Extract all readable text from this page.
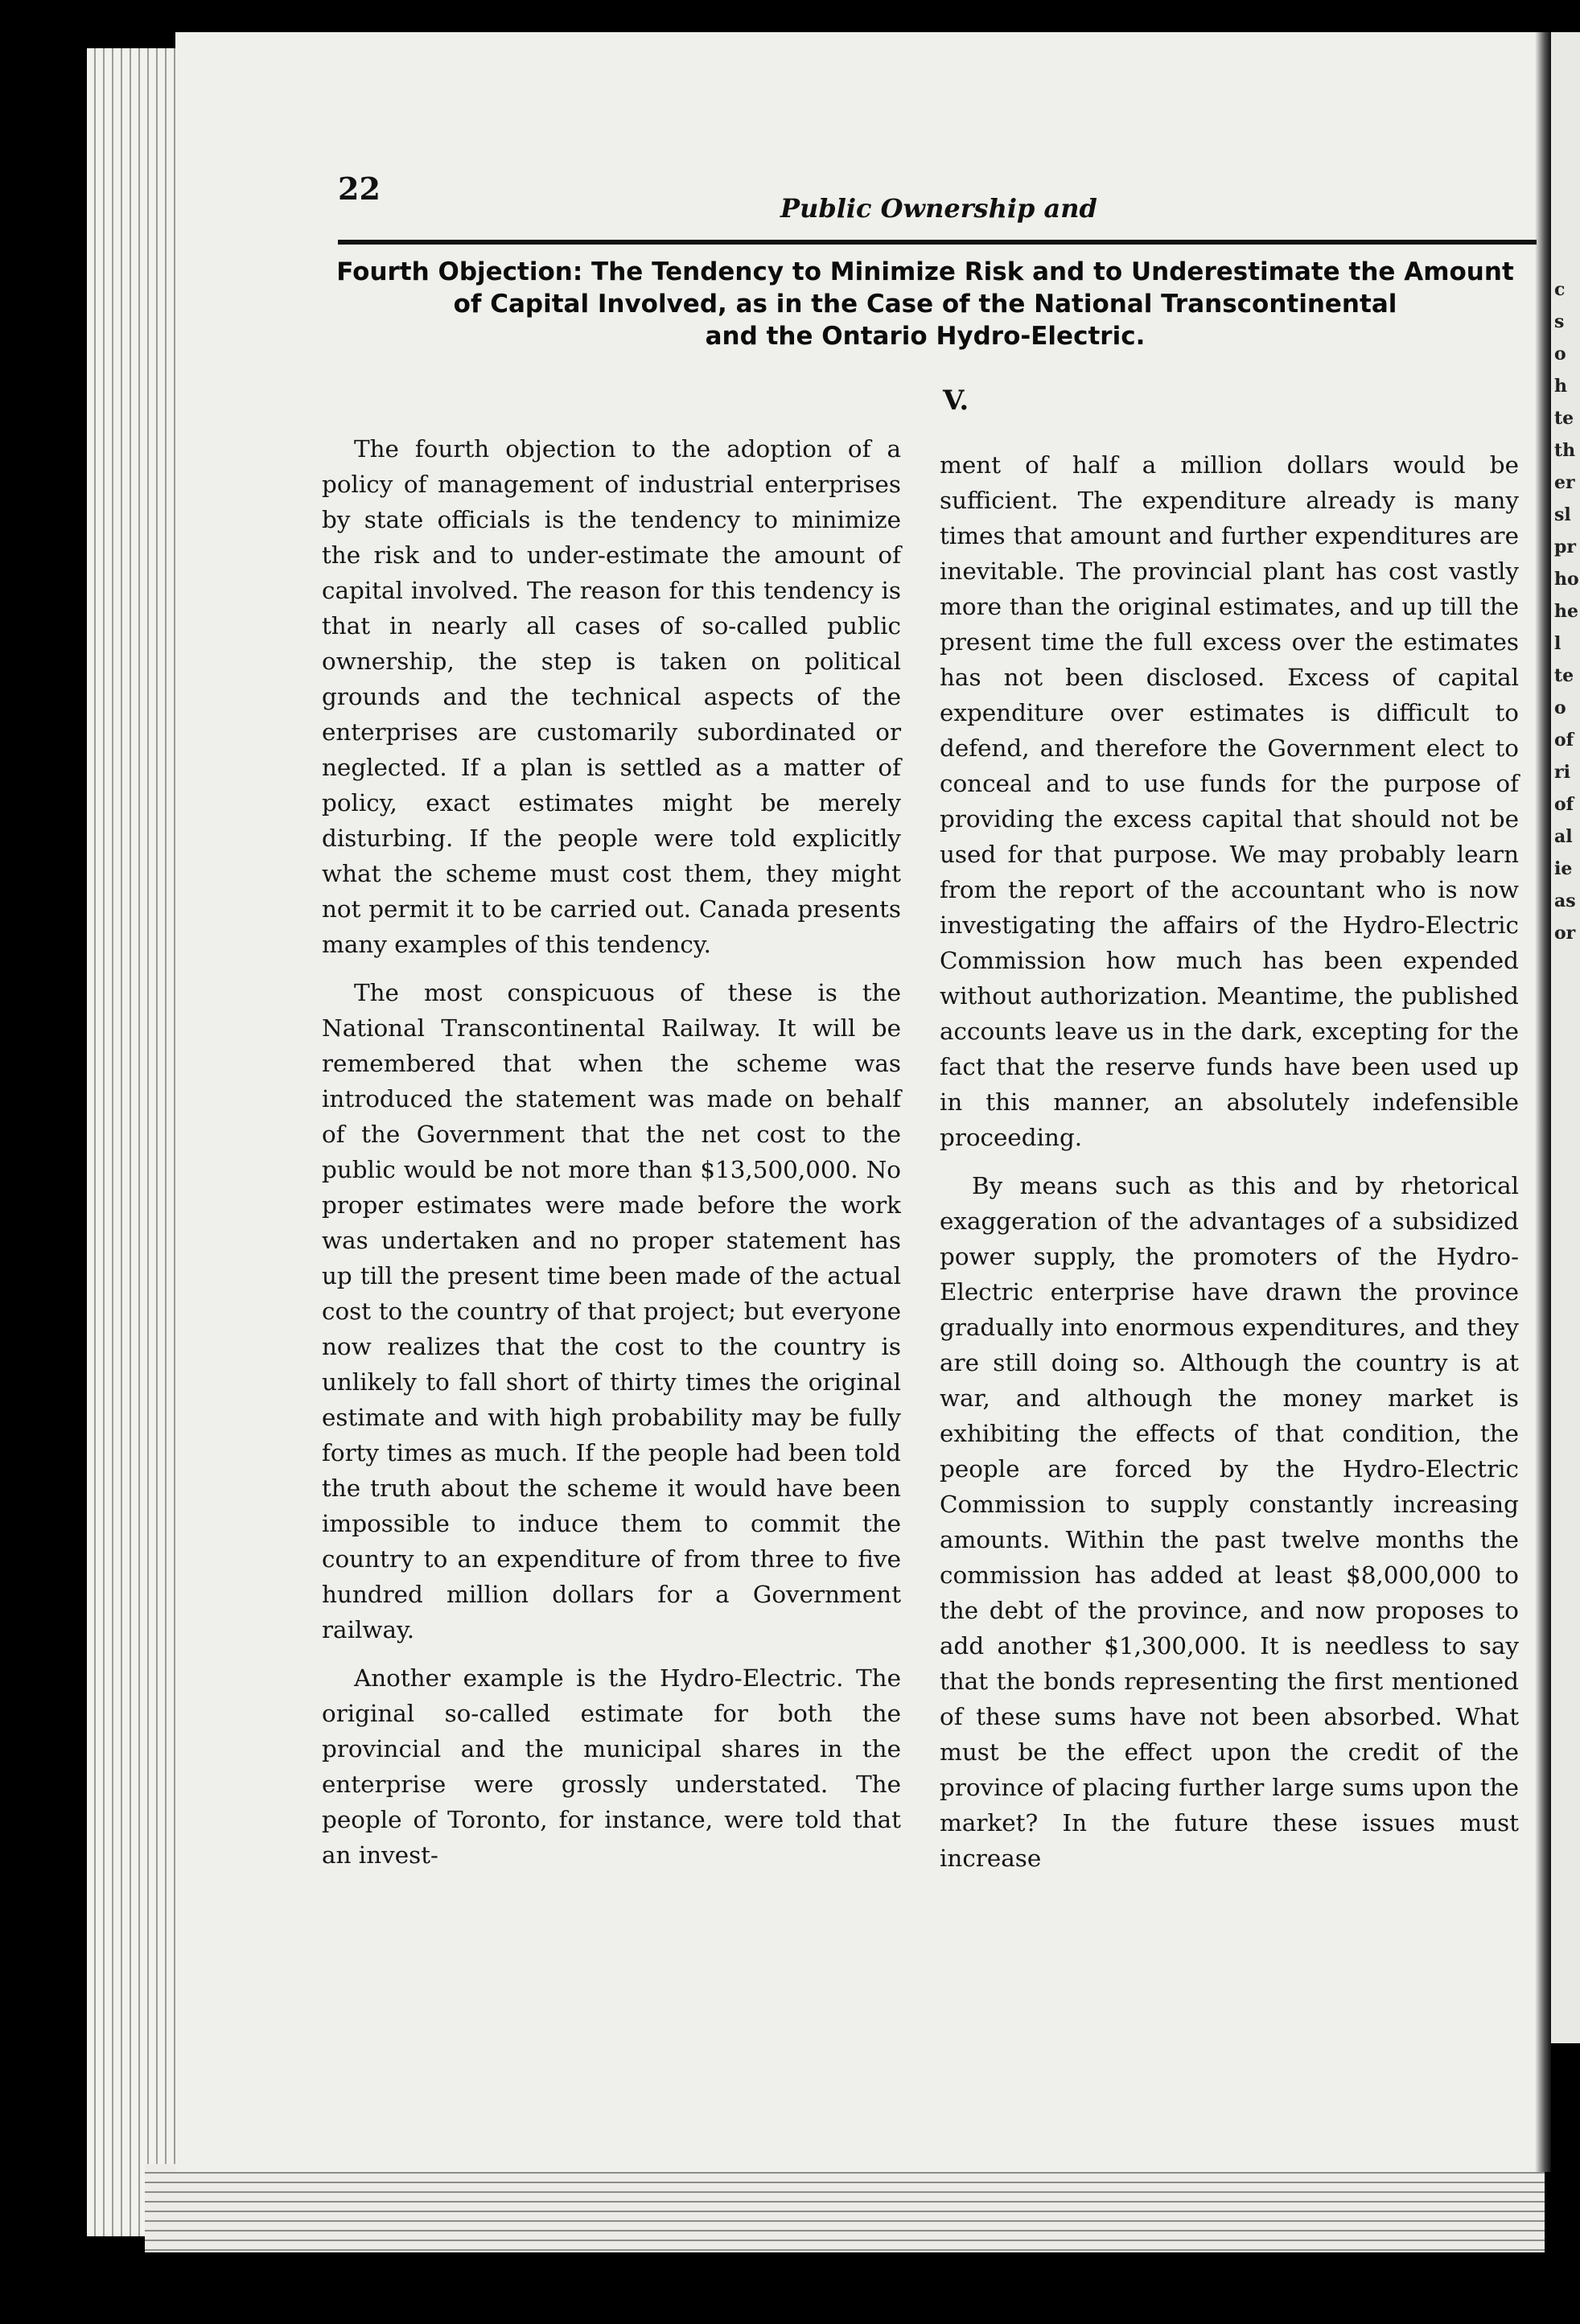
c
s
o
h
te
th
er
sl
pr
ho
he
l
te
o
of
ri
of
al
ie
as
or
22
Public Ownership and
Fourth Objection: The Tendency to Minimize Risk and to Underestimate the Amount
of Capital Involved, as in the Case of the National Transcontinental
and the Ontario Hydro-Electric.
V.

The fourth objection to the adoption of a policy of management of industrial enterprises by state officials is the tendency to minimize the risk and to under-estimate the amount of capital involved. The reason for this tendency is that in nearly all cases of so-called public ownership, the step is taken on political grounds and the technical aspects of the enterprises are customarily subordinated or neglected. If a plan is settled as a matter of policy, exact estimates might be merely disturbing. If the people were told explicitly what the scheme must cost them, they might not permit it to be carried out. Canada presents many examples of this tendency.

The most conspicuous of these is the National Transcontinental Railway. It will be remembered that when the scheme was introduced the statement was made on behalf of the Government that the net cost to the public would be not more than $13,500,000. No proper estimates were made before the work was undertaken and no proper statement has up till the present time been made of the actual cost to the country of that project; but everyone now realizes that the cost to the country is unlikely to fall short of thirty times the original estimate and with high probability may be fully forty times as much. If the people had been told the truth about the scheme it would have been impossible to induce them to commit the country to an expenditure of from three to five hundred million dollars for a Government railway.

Another example is the Hydro-Electric. The original so-called estimate for both the provincial and the municipal shares in the enterprise were grossly understated. The people of Toronto, for instance, were told that an invest-

ment of half a million dollars would be sufficient. The expenditure already is many times that amount and further expenditures are inevitable. The provincial plant has cost vastly more than the original estimates, and up till the present time the full excess over the estimates has not been disclosed. Excess of capital expenditure over estimates is difficult to defend, and therefore the Government elect to conceal and to use funds for the purpose of providing the excess capital that should not be used for that purpose. We may probably learn from the report of the accountant who is now investigating the affairs of the Hydro-Electric Commission how much has been expended without authorization. Meantime, the published accounts leave us in the dark, excepting for the fact that the reserve funds have been used up in this manner, an absolutely indefensible proceeding.

By means such as this and by rhetorical exaggeration of the advantages of a subsidized power supply, the promoters of the Hydro-Electric enterprise have drawn the province gradually into enormous expenditures, and they are still doing so. Although the country is at war, and although the money market is exhibiting the effects of that condition, the people are forced by the Hydro-Electric Commission to supply constantly increasing amounts. Within the past twelve months the commission has added at least $8,000,000 to the debt of the province, and now proposes to add another $1,300,000. It is needless to say that the bonds representing the first mentioned of these sums have not been absorbed. What must be the effect upon the credit of the province of placing further large sums upon the market? In the future these issues must increase
